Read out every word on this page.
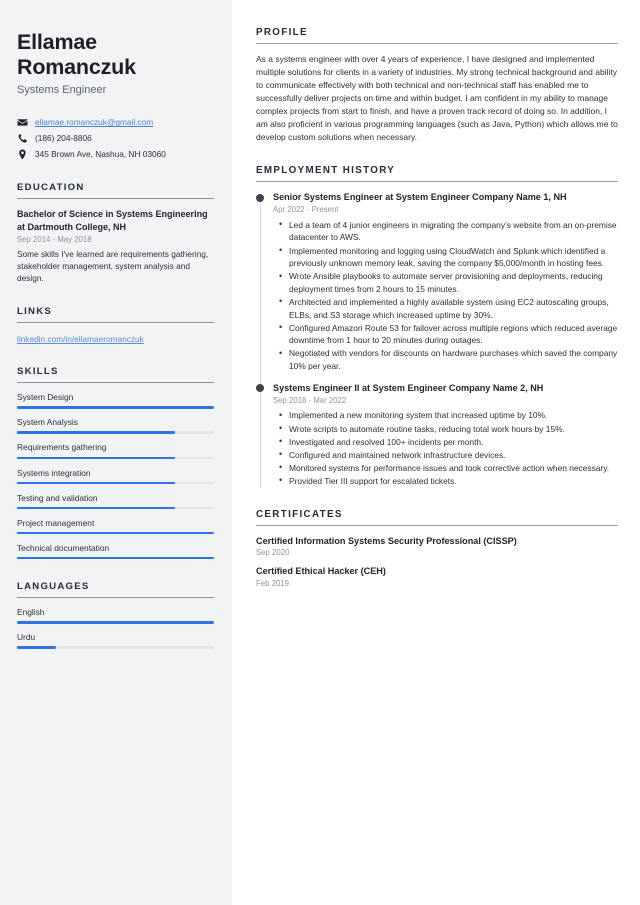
Ellamae Romanczuk
Systems Engineer
ellamae.romanczuk@gmail.com
(186) 204-8806
345 Brown Ave, Nashua, NH 03060
EDUCATION
Bachelor of Science in Systems Engineering at Dartmouth College, NH
Sep 2014 - May 2018
Some skills I've learned are requirements gathering, stakeholder management, system analysis and design.
LINKS
linkedin.com/in/ellamaeromanczuk
SKILLS
System Design
System Analysis
Requirements gathering
Systems integration
Testing and validation
Project management
Technical documentation
LANGUAGES
English
Urdu
PROFILE

As a systems engineer with over 4 years of experience, I have designed and implemented multiple solutions for clients in a variety of industries. My strong technical background and ability to communicate effectively with both technical and non-technical staff has enabled me to successfully deliver projects on time and within budget. I am confident in my ability to manage complex projects from start to finish, and have a proven track record of doing so. In addition, I am also proficient in various programming languages (such as Java, Python) which allows me to develop custom solutions when necessary.

EMPLOYMENT HISTORY
Senior Systems Engineer at System Engineer Company Name 1, NH
Apr 2022 - Present
• Led a team of 4 junior engineers in migrating the company’s website from an on-premise datacenter to AWS.
• Implemented monitoring and logging using CloudWatch and Splunk which identified a previously unknown memory leak, saving the company $5,000/month in hosting fees.
• Wrote Ansible playbooks to automate server provisioning and deployments, reducing deployment times from 2 hours to 15 minutes.
• Architected and implemented a highly available system using EC2 autoscaling groups, ELBs, and S3 storage which increased uptime by 30%.
• Configured Amazon Route 53 for failover across multiple regions which reduced average downtime from 1 hour to 20 minutes during outages.
• Negotiated with vendors for discounts on hardware purchases which saved the company 10% per year.
Systems Engineer II at System Engineer Company Name 2, NH
Sep 2018 - Mar 2022
• Implemented a new monitoring system that increased uptime by 10%.
• Wrote scripts to automate routine tasks, reducing total work hours by 15%.
• Investigated and resolved 100+ incidents per month.
• Configured and maintained network infrastructure devices.
• Monitored systems for performance issues and took corrective action when necessary.
• Provided Tier III support for escalated tickets.
CERTIFICATES
Certified Information Systems Security Professional (CISSP)
Sep 2020
Certified Ethical Hacker (CEH)
Feb 2019
